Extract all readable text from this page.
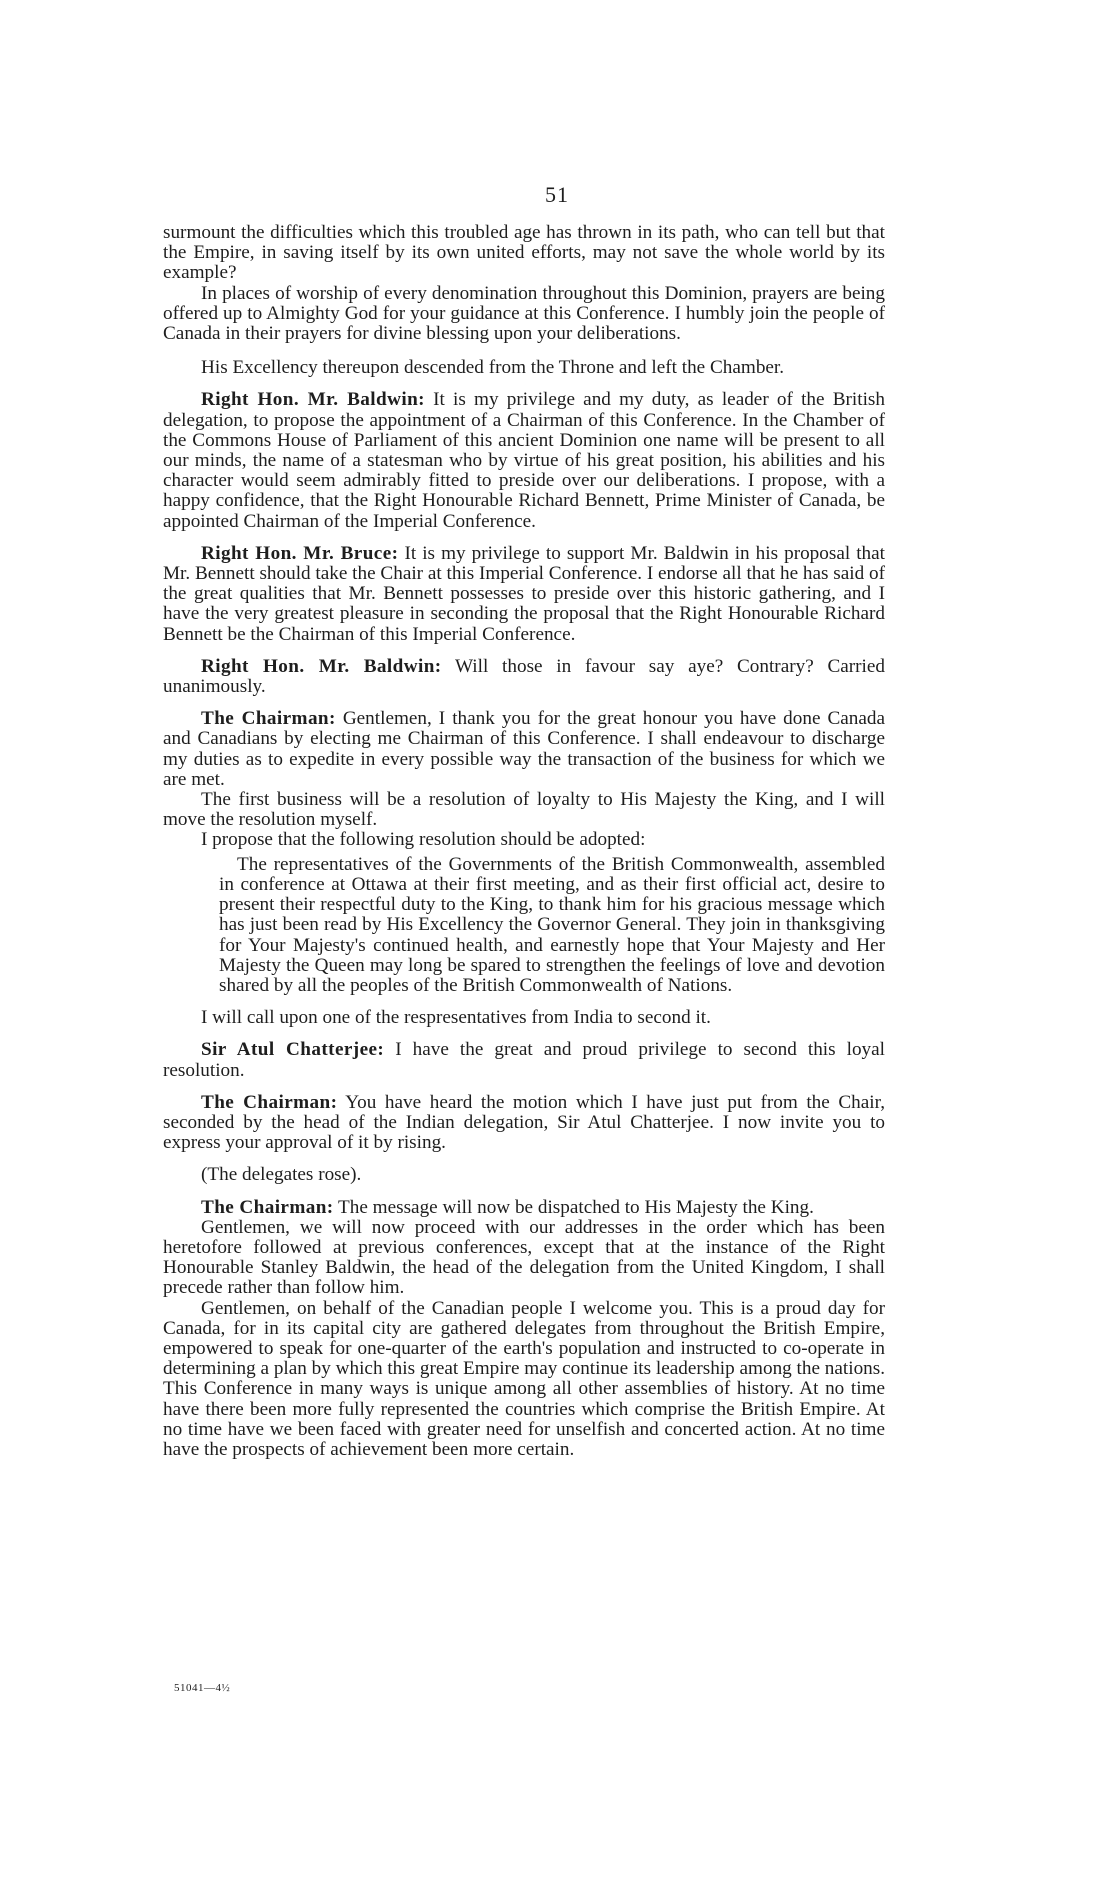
51

surmount the difficulties which this troubled age has thrown in its path, who can tell but that the Empire, in saving itself by its own united efforts, may not save the whole world by its example?

In places of worship of every denomination throughout this Dominion, prayers are being offered up to Almighty God for your guidance at this Conference. I humbly join the people of Canada in their prayers for divine blessing upon your deliberations.

His Excellency thereupon descended from the Throne and left the Chamber.

Right Hon. Mr. Baldwin: It is my privilege and my duty, as leader of the British delegation, to propose the appointment of a Chairman of this Conference. In the Chamber of the Commons House of Parliament of this ancient Dominion one name will be present to all our minds, the name of a statesman who by virtue of his great position, his abilities and his character would seem admirably fitted to preside over our deliberations. I propose, with a happy confidence, that the Right Honourable Richard Bennett, Prime Minister of Canada, be appointed Chairman of the Imperial Conference.

Right Hon. Mr. Bruce: It is my privilege to support Mr. Baldwin in his proposal that Mr. Bennett should take the Chair at this Imperial Conference. I endorse all that he has said of the great qualities that Mr. Bennett possesses to preside over this historic gathering, and I have the very greatest pleasure in seconding the proposal that the Right Honourable Richard Bennett be the Chairman of this Imperial Conference.

Right Hon. Mr. Baldwin: Will those in favour say aye? Contrary? Carried unanimously.

The Chairman: Gentlemen, I thank you for the great honour you have done Canada and Canadians by electing me Chairman of this Conference. I shall endeavour to discharge my duties as to expedite in every possible way the transaction of the business for which we are met.

The first business will be a resolution of loyalty to His Majesty the King, and I will move the resolution myself.

I propose that the following resolution should be adopted:

The representatives of the Governments of the British Commonwealth, assembled in conference at Ottawa at their first meeting, and as their first official act, desire to present their respectful duty to the King, to thank him for his gracious message which has just been read by His Excellency the Governor General. They join in thanksgiving for Your Majesty's continued health, and earnestly hope that Your Majesty and Her Majesty the Queen may long be spared to strengthen the feelings of love and devotion shared by all the peoples of the British Commonwealth of Nations.

I will call upon one of the respresentatives from India to second it.

Sir Atul Chatterjee: I have the great and proud privilege to second this loyal resolution.

The Chairman: You have heard the motion which I have just put from the Chair, seconded by the head of the Indian delegation, Sir Atul Chatterjee. I now invite you to express your approval of it by rising.

(The delegates rose).

The Chairman: The message will now be dispatched to His Majesty the King.

Gentlemen, we will now proceed with our addresses in the order which has been heretofore followed at previous conferences, except that at the instance of the Right Honourable Stanley Baldwin, the head of the delegation from the United Kingdom, I shall precede rather than follow him.

Gentlemen, on behalf of the Canadian people I welcome you. This is a proud day for Canada, for in its capital city are gathered delegates from throughout the British Empire, empowered to speak for one-quarter of the earth's population and instructed to co-operate in determining a plan by which this great Empire may continue its leadership among the nations. This Conference in many ways is unique among all other assemblies of history. At no time have there been more fully represented the countries which comprise the British Empire. At no time have we been faced with greater need for unselfish and concerted action. At no time have the prospects of achievement been more certain.

51041—4½
